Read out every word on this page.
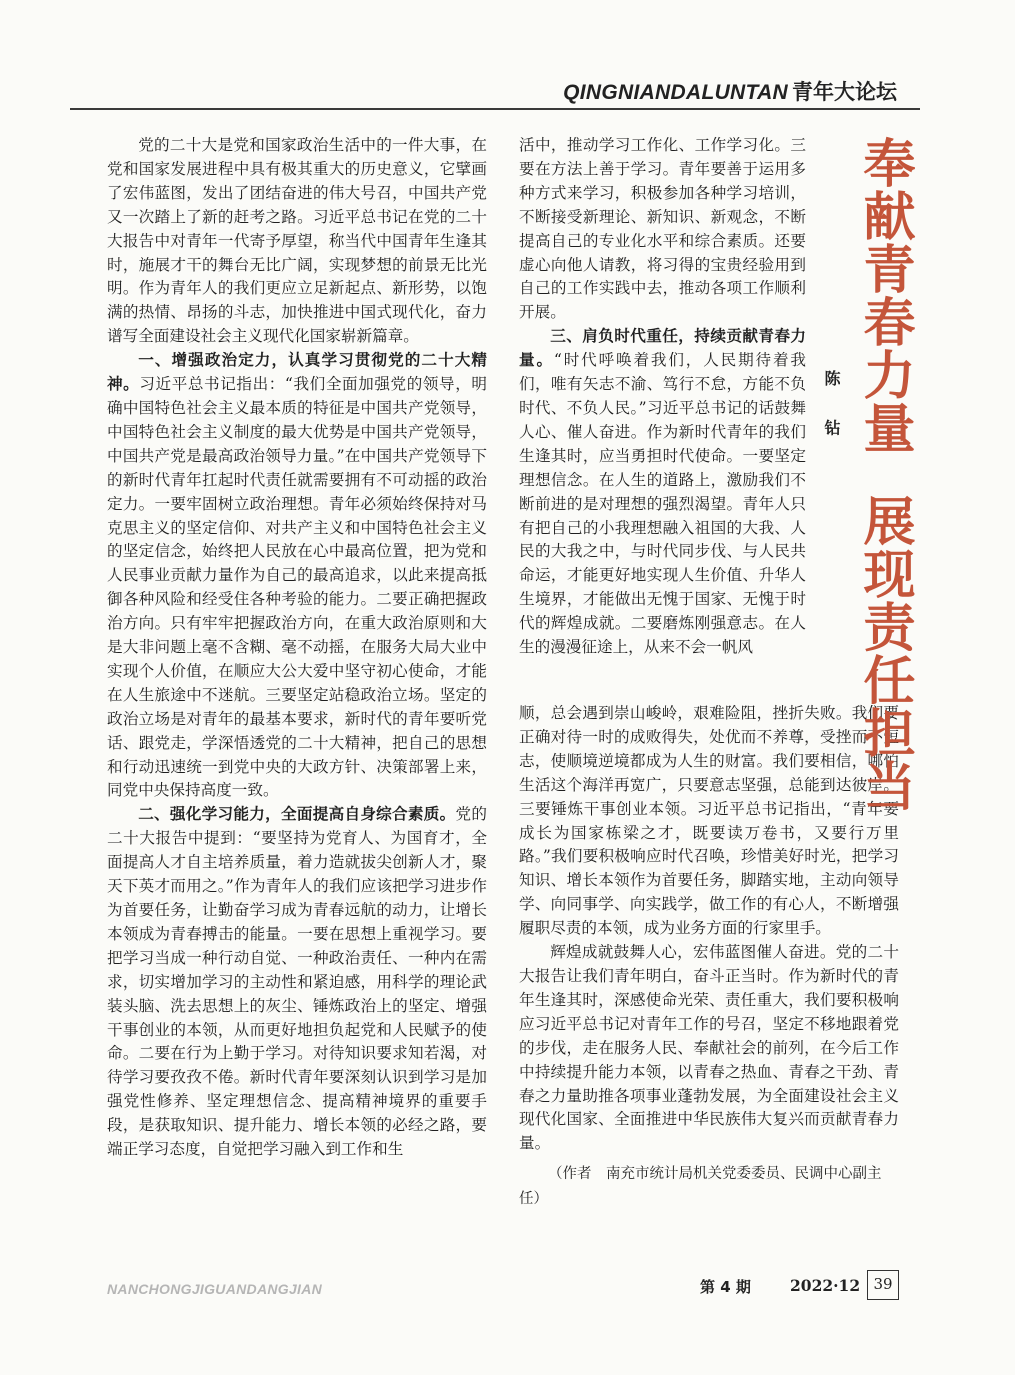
QINGNIANDALUNTAN 青年大论坛

党的二十大是党和国家政治生活中的一件大事，在党和国家发展进程中具有极其重大的历史意义，它擘画了宏伟蓝图，发出了团结奋进的伟大号召，中国共产党又一次踏上了新的赶考之路。习近平总书记在党的二十大报告中对青年一代寄予厚望，称当代中国青年生逢其时，施展才干的舞台无比广阔，实现梦想的前景无比光明。作为青年人的我们更应立足新起点、新形势，以饱满的热情、昂扬的斗志，加快推进中国式现代化，奋力谱写全面建设社会主义现代化国家崭新篇章。

一、增强政治定力，认真学习贯彻党的二十大精神。习近平总书记指出：“我们全面加强党的领导，明确中国特色社会主义最本质的特征是中国共产党领导，中国特色社会主义制度的最大优势是中国共产党领导，中国共产党是最高政治领导力量。”在中国共产党领导下的新时代青年扛起时代责任就需要拥有不可动摇的政治定力。一要牢固树立政治理想。青年必须始终保持对马克思主义的坚定信仰、对共产主义和中国特色社会主义的坚定信念，始终把人民放在心中最高位置，把为党和人民事业贡献力量作为自己的最高追求，以此来提高抵御各种风险和经受住各种考验的能力。二要正确把握政治方向。只有牢牢把握政治方向，在重大政治原则和大是大非问题上毫不含糊、毫不动摇，在服务大局大业中实现个人价值，在顺应大公大爱中坚守初心使命，才能在人生旅途中不迷航。三要坚定站稳政治立场。坚定的政治立场是对青年的最基本要求，新时代的青年要听党话、跟党走，学深悟透党的二十大精神，把自己的思想和行动迅速统一到党中央的大政方针、决策部署上来，同党中央保持高度一致。

二、强化学习能力，全面提高自身综合素质。党的二十大报告中提到：“要坚持为党育人、为国育才，全面提高人才自主培养质量，着力造就拔尖创新人才，聚天下英才而用之。”作为青年人的我们应该把学习进步作为首要任务，让勤奋学习成为青春远航的动力，让增长本领成为青春搏击的能量。一要在思想上重视学习。要把学习当成一种行动自觉、一种政治责任、一种内在需求，切实增加学习的主动性和紧迫感，用科学的理论武装头脑、洗去思想上的灰尘、锤炼政治上的坚定、增强干事创业的本领，从而更好地担负起党和人民赋予的使命。二要在行为上勤于学习。对待知识要求知若渴，对待学习要孜孜不倦。新时代青年要深刻认识到学习是加强党性修养、坚定理想信念、提高精神境界的重要手段，是获取知识、提升能力、增长本领的必经之路，要端正学习态度，自觉把学习融入到工作和生

活中，推动学习工作化、工作学习化。三要在方法上善于学习。青年要善于运用多种方式来学习，积极参加各种学习培训，不断接受新理论、新知识、新观念，不断提高自己的专业化水平和综合素质。还要虚心向他人请教，将习得的宝贵经验用到自己的工作实践中去，推动各项工作顺利开展。

三、肩负时代重任，持续贡献青春力量。“时代呼唤着我们，人民期待着我们，唯有矢志不渝、笃行不怠，方能不负时代、不负人民。”习近平总书记的话鼓舞人心、催人奋进。作为新时代青年的我们生逢其时，应当勇担时代使命。一要坚定理想信念。在人生的道路上，激励我们不断前进的是对理想的强烈渴望。青年人只有把自己的小我理想融入祖国的大我、人民的大我之中，与时代同步伐、与人民共命运，才能更好地实现人生价值、升华人生境界，才能做出无愧于国家、无愧于时代的辉煌成就。二要磨炼刚强意志。在人生的漫漫征途上，从来不会一帆风

顺，总会遇到崇山峻岭，艰难险阻，挫折失败。我们要正确对待一时的成败得失，处优而不养尊，受挫而不短志，使顺境逆境都成为人生的财富。我们要相信，哪怕生活这个海洋再宽广，只要意志坚强，总能到达彼岸。三要锤炼干事创业本领。习近平总书记指出，“青年要成长为国家栋梁之才，既要读万卷书，又要行万里路。”我们要积极响应时代召唤，珍惜美好时光，把学习知识、增长本领作为首要任务，脚踏实地，主动向领导学、向同事学、向实践学，做工作的有心人，不断增强履职尽责的本领，成为业务方面的行家里手。

辉煌成就鼓舞人心，宏伟蓝图催人奋进。党的二十大报告让我们青年明白，奋斗正当时。作为新时代的青年生逢其时，深感使命光荣、责任重大，我们要积极响应习近平总书记对青年工作的号召，坚定不移地跟着党的步伐，走在服务人民、奉献社会的前列，在今后工作中持续提升能力本领，以青春之热血、青春之干劲、青春之力量助推各项事业蓬勃发展，为全面建设社会主义现代化国家、全面推进中华民族伟大复兴而贡献青春力量。

（作者　南充市统计局机关党委委员、民调中心副主任）
奉献青春力量展现责任担当
陈 钻
NANCHONGJIGUANDANGJIAN	第 4 期	2022·12 39
